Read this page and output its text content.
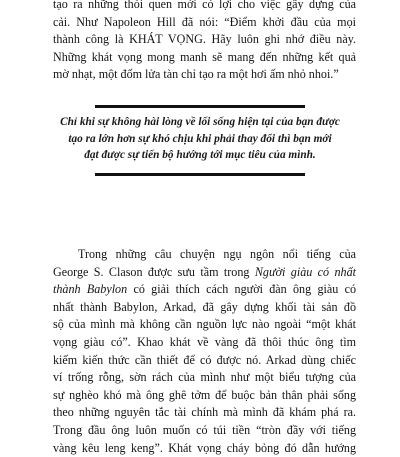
tạo ra những thói quen mới có lợi cho việc gây dựng của
cải. Như Napoleon Hill đã nói: “Điểm khởi đầu của mọi
thành công là KHÁT VỌNG. Hãy luôn ghi nhớ điều này.
Những khát vọng mong manh sẽ mang đến những kết quả
mờ nhạt, một đốm lửa tàn chỉ tạo ra một hơi ấm nhỏ nhoi.”
Chỉ khi sự không hài lòng về lối sống hiện tại của bạn được
tạo ra lớn hơn sự khó chịu khi phải thay đổi thì bạn mới
đạt được sự tiến bộ hướng tới mục tiêu của mình.
Trong những câu chuyện ngụ ngôn nổi tiếng của
George S. Clason được sưu tầm trong Người giàu có nhất
thành Babylon có giải thích cách người đàn ông giàu có
nhất thành Babylon, Arkad, đã gây dựng khối tài sản đồ
sộ của mình mà không cần nguồn lực nào ngoài “một khát
vọng giàu có”. Khao khát về vàng đã thôi thúc ông tìm
kiếm kiến thức cần thiết để có được nó. Arkad dùng chiếc
ví trống rỗng, sờn rách của mình như một biểu tượng của
sự nghèo khó mà ông ghê tởm để buộc bản thân phải sống
theo những nguyên tắc tài chính mà mình đã khám phá ra.
Trong đầu ông luôn muốn có túi tiền “tròn đầy với tiếng
vàng kêu leng keng”. Khát vọng cháy bỏng đó dẫn hướng
